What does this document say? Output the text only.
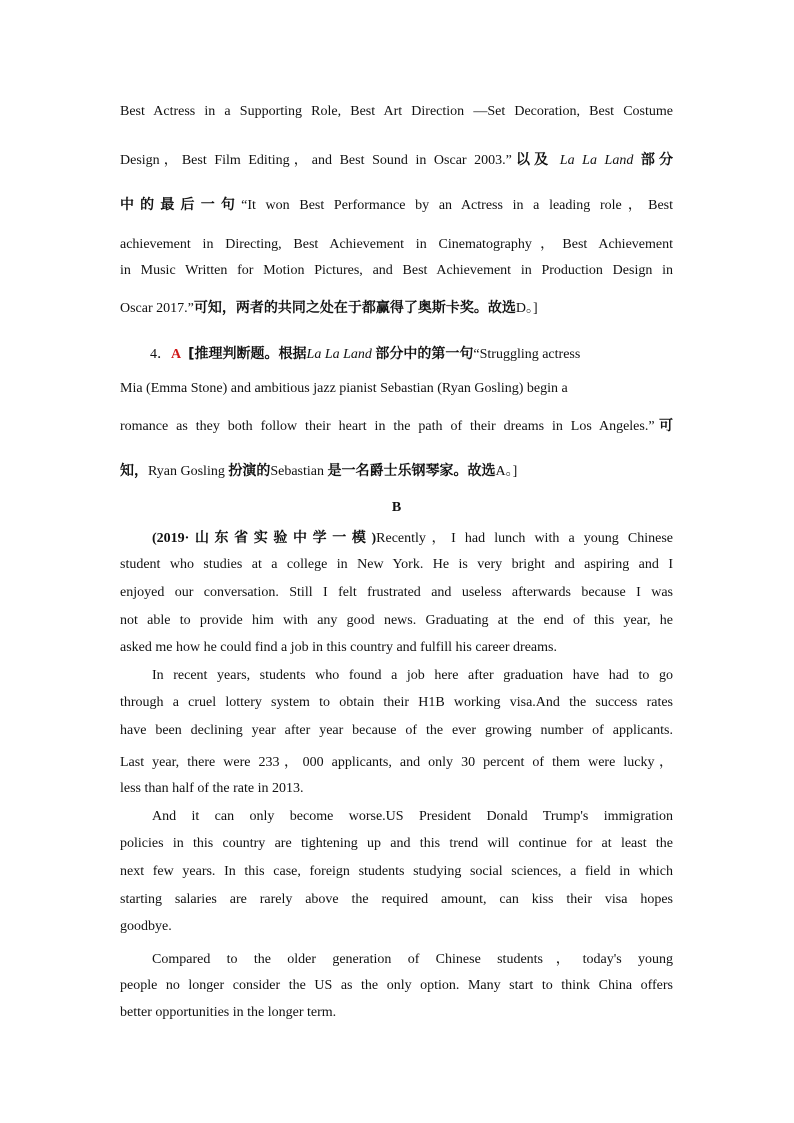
Best Actress in a Supporting Role, Best Art Direction —Set Decoration, Best Costume
Design，Best Film Editing，and Best Sound in Oscar 2003.”以及 La La Land 部分
中的最后一句“It won Best Performance by an Actress in a leading role，Best
achievement in Directing, Best Achievement in Cinematography，Best Achievement
in Music Written for Motion Pictures, and Best Achievement in Production Design in
Oscar 2017.”可知，两者的共同之处在于都赢得了奥斯卡奖。故选D。]
4．A [推理判断题。根据La La Land 部分中的第一句“Struggling actress
Mia (Emma Stone) and ambitious jazz pianist Sebastian (Ryan Gosling) begin a
romance as they both follow their heart in the path of their dreams in Los Angeles.”可
知，Ryan Gosling 扮演的Sebastian 是一名爵士乐钢琴家。故选A。]
B
(2019·山东省实验中学一模)Recently，I had lunch with a young Chinese
student who studies at a college in New York. He is very bright and aspiring and I
enjoyed our conversation. Still I felt frustrated and useless afterwards because I was
not able to provide him with any good news. Graduating at the end of this year, he
asked me how he could find a job in this country and fulfill his career dreams.
In recent years, students who found a job here after graduation have had to go
through a cruel lottery system to obtain their H1B working visa.And the success rates
have been declining year after year because of the ever growing number of applicants.
Last year, there were 233，000 applicants, and only 30 percent of them were lucky，
less than half of the rate in 2013.
And it can only become worse.US President Donald Trump's immigration
policies in this country are tightening up and this trend will continue for at least the
next few years. In this case, foreign students studying social sciences, a field in which
starting salaries are rarely above the required amount, can kiss their visa hopes
goodbye.
Compared to the older generation of Chinese students，today's young
people no longer consider the US as the only option. Many start to think China offers
better opportunities in the longer term.
